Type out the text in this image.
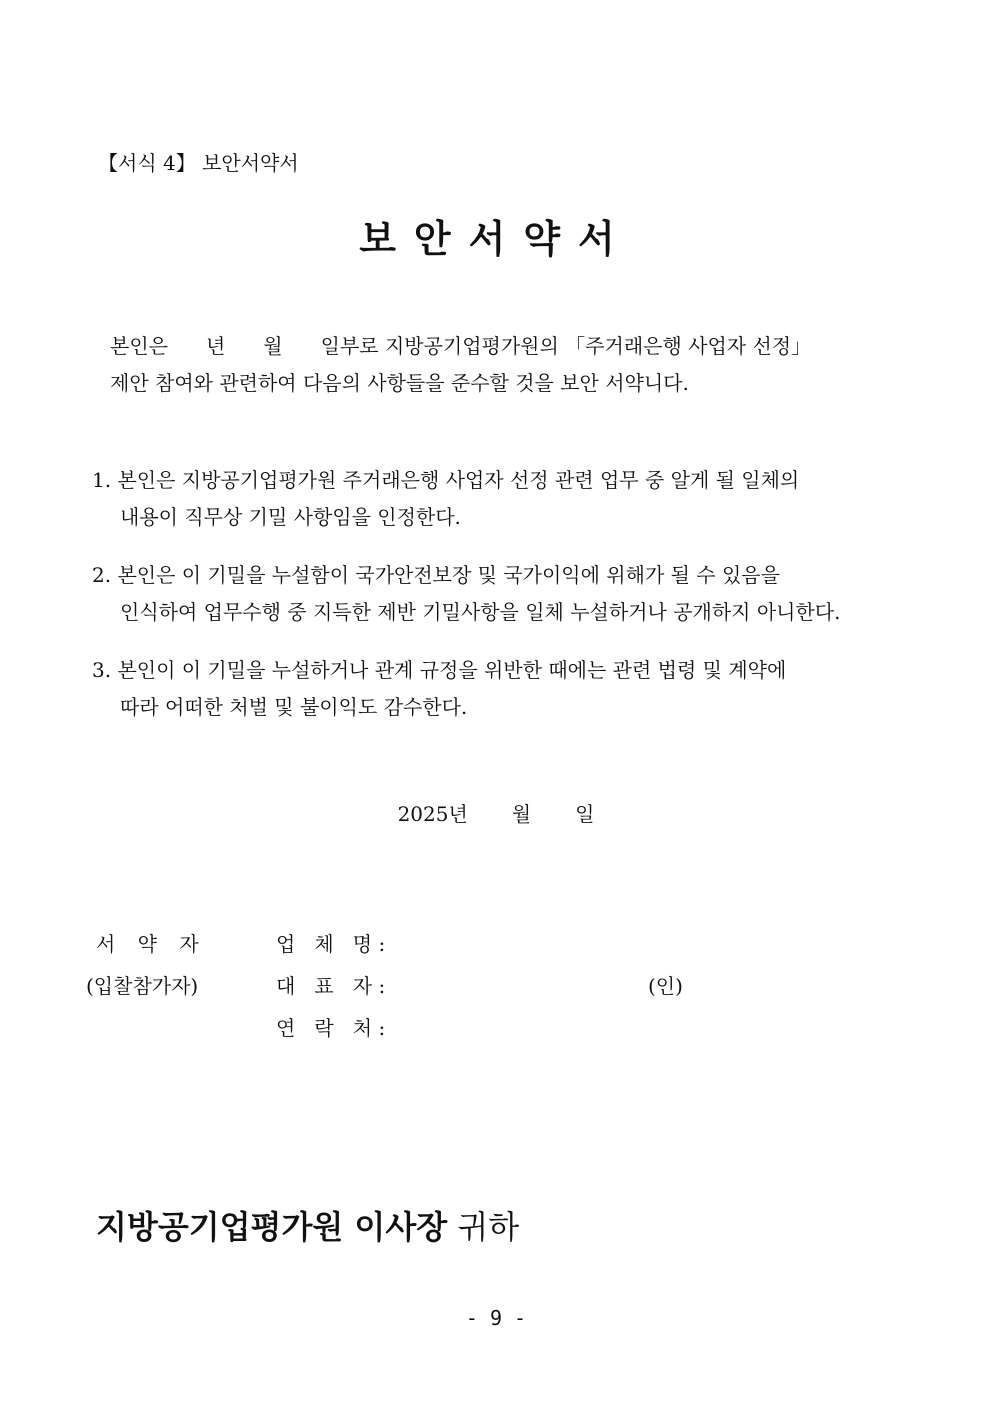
【서식 4】 보안서약서
보안서약서
본인은 년 월 일부로 지방공기업평가원의 「주거래은행 사업자 선정」
제안 참여와 관련하여 다음의 사항들을 준수할 것을 보안 서약니다.
1. 본인은 지방공기업평가원 주거래은행 사업자 선정 관련 업무 중 알게 될 일체의
내용이 직무상 기밀 사항임을 인정한다.
2. 본인은 이 기밀을 누설함이 국가안전보장 및 국가이익에 위해가 될 수 있음을
인식하여 업무수행 중 지득한 제반 기밀사항을 일체 누설하거나 공개하지 아니한다.
3. 본인이 이 기밀을 누설하거나 관계 규정을 위반한 때에는 관련 법령 및 계약에
따라 어떠한 처벌 및 불이익도 감수한다.
2025년 월 일
서 약 자
(입찰참가자)
업   체   명 :
대   표   자 :
연   락   처 :
(인)
지방공기업평가원 이사장 귀하
- 9 -
